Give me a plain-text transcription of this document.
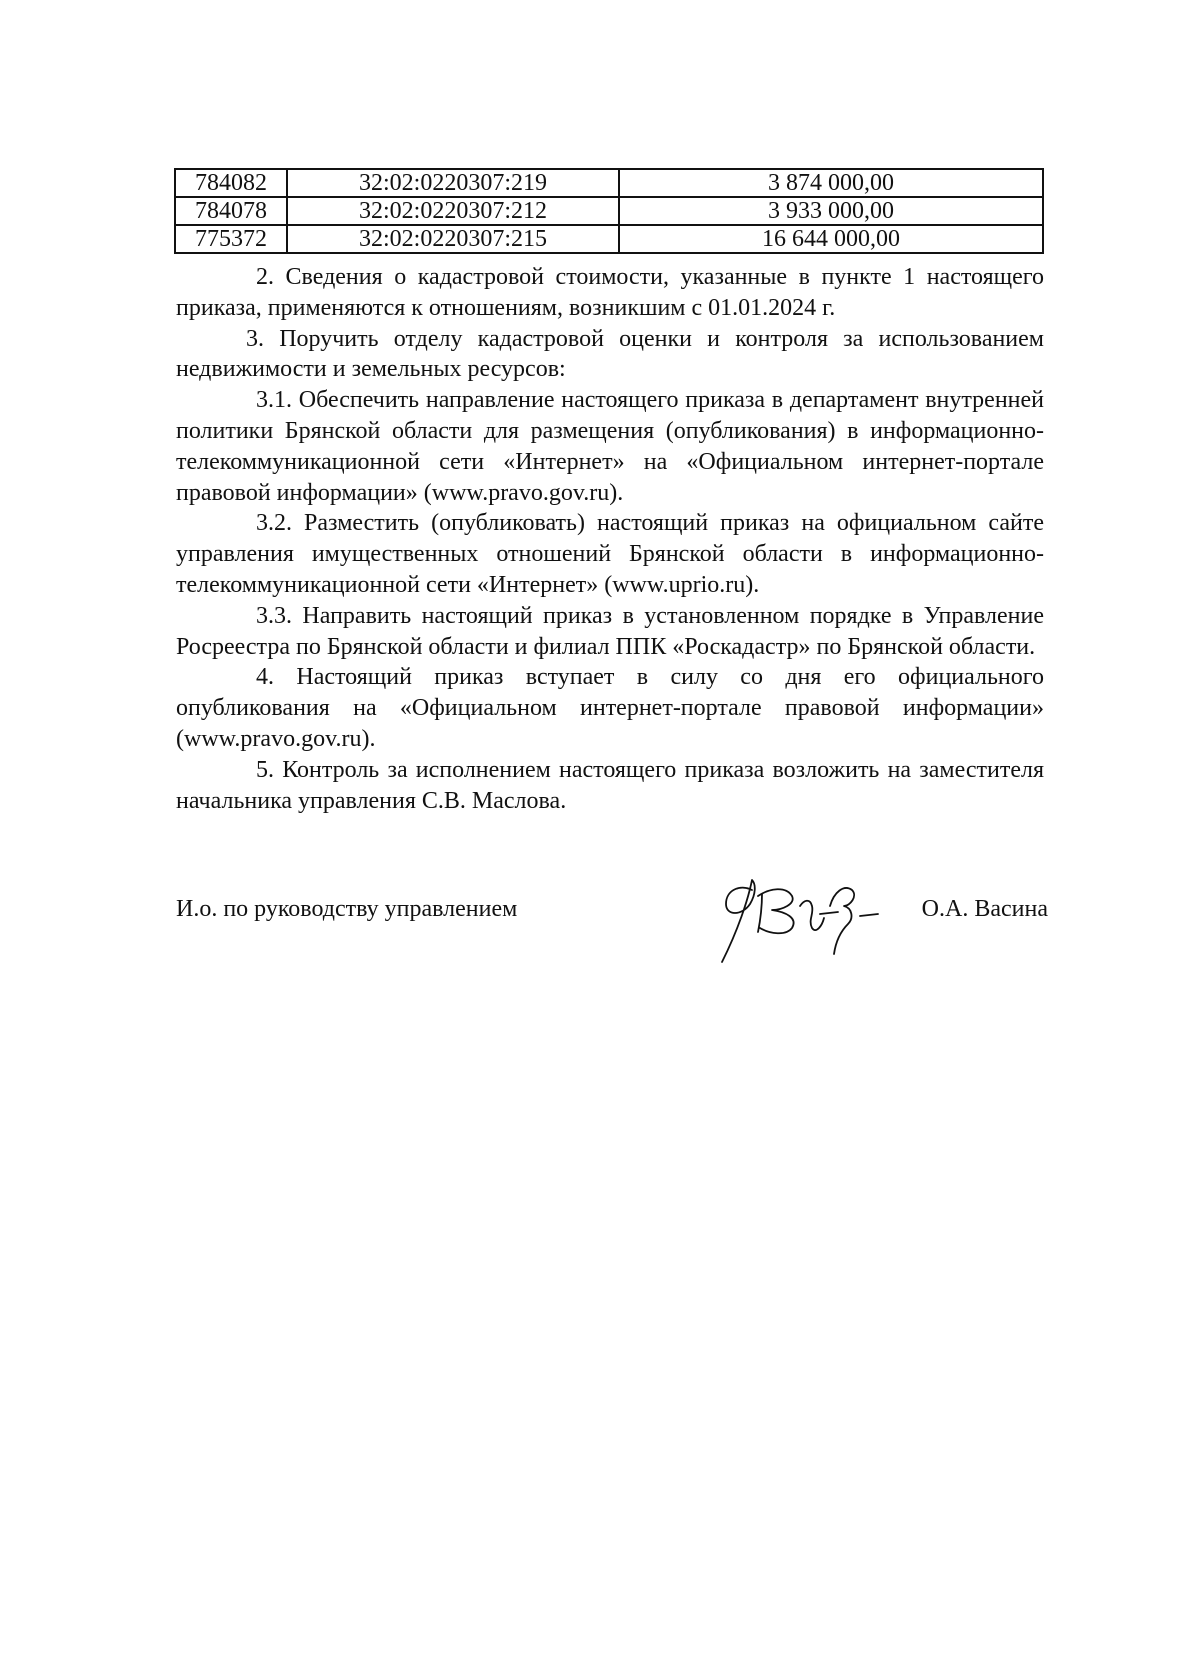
784082	32:02:0220307:219	3 874 000,00
784078	32:02:0220307:212	3 933 000,00
775372	32:02:0220307:215	16 644 000,00

2. Сведения о кадастровой стоимости, указанные в пункте 1 настоящего приказа, применяются к отношениям, возникшим с 01.01.2024 г.

3. Поручить отделу кадастровой оценки и контроля за использованием недвижимости и земельных ресурсов:

3.1. Обеспечить направление настоящего приказа в департамент внутренней политики Брянской области для размещения (опубликования) в информационно-телекоммуникационной сети «Интернет» на «Официальном интернет-портале правовой информации» (www.pravo.gov.ru).

3.2. Разместить (опубликовать) настоящий приказ на официальном сайте управления имущественных отношений Брянской области в информационно-телекоммуникационной сети «Интернет» (www.uprio.ru).

3.3. Направить настоящий приказ в установленном порядке в Управление Росреестра по Брянской области и филиал ППК «Роскадастр» по Брянской области.

4. Настоящий приказ вступает в силу со дня его официального опубликования на «Официальном интернет-портале правовой информации» (www.pravo.gov.ru).

5. Контроль за исполнением настоящего приказа возложить на заместителя начальника управления С.В. Маслова.

И.о. по руководству управлением	О.А. Васина
